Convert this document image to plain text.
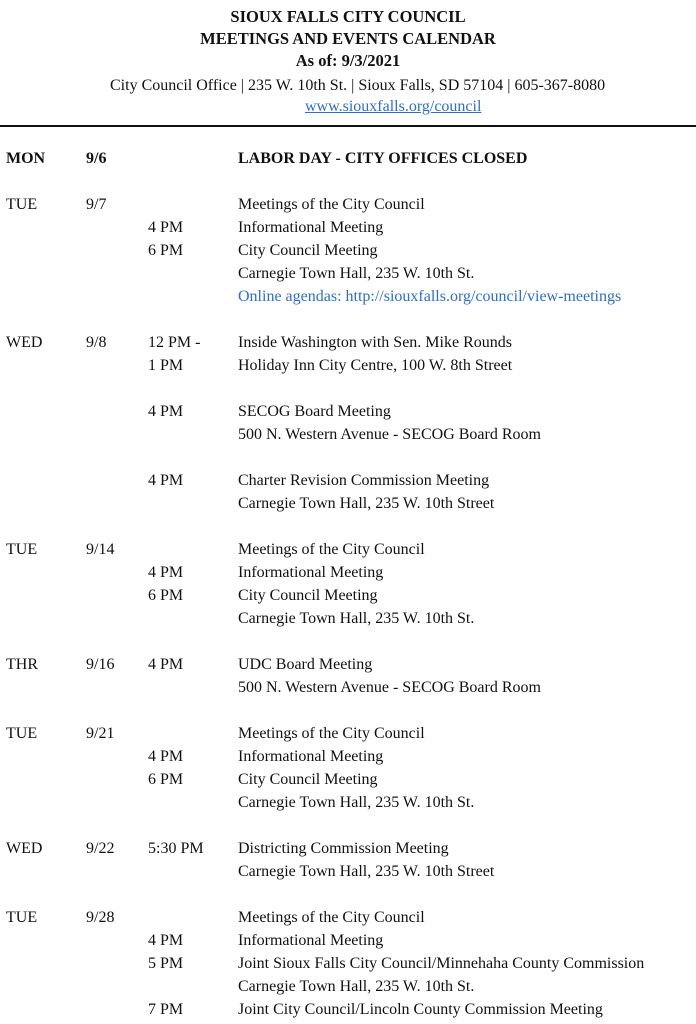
SIOUX FALLS CITY COUNCIL
MEETINGS AND EVENTS CALENDAR
As of: 9/3/2021
City Council Office | 235 W. 10th St. | Sioux Falls, SD 57104 | 605-367-8080
www.siouxfalls.org/council
MON	9/6	LABOR DAY - CITY OFFICES CLOSED
TUE	9/7	Meetings of the City Council
4 PM	Informational Meeting
6 PM	City Council Meeting
Carnegie Town Hall, 235 W. 10th St.
Online agendas: http://siouxfalls.org/council/view-meetings
WED	9/8	12 PM - Inside Washington with Sen. Mike Rounds
1 PM	Holiday Inn City Centre, 100 W. 8th Street
4 PM	SECOG Board Meeting
500 N. Western Avenue - SECOG Board Room
4 PM	Charter Revision Commission Meeting
Carnegie Town Hall, 235 W. 10th Street
TUE	9/14	Meetings of the City Council
4 PM	Informational Meeting
6 PM	City Council Meeting
Carnegie Town Hall, 235 W. 10th St.
THR	9/16 4 PM	UDC Board Meeting
500 N. Western Avenue - SECOG Board Room
TUE	9/21	Meetings of the City Council
4 PM	Informational Meeting
6 PM	City Council Meeting
Carnegie Town Hall, 235 W. 10th St.
WED	9/22 5:30 PM Districting Commission Meeting
Carnegie Town Hall, 235 W. 10th Street
TUE	9/28	Meetings of the City Council
4 PM	Informational Meeting
5 PM	Joint Sioux Falls City Council/Minnehaha County Commission
Carnegie Town Hall, 235 W. 10th St.
7 PM	Joint City Council/Lincoln County Commission Meeting
